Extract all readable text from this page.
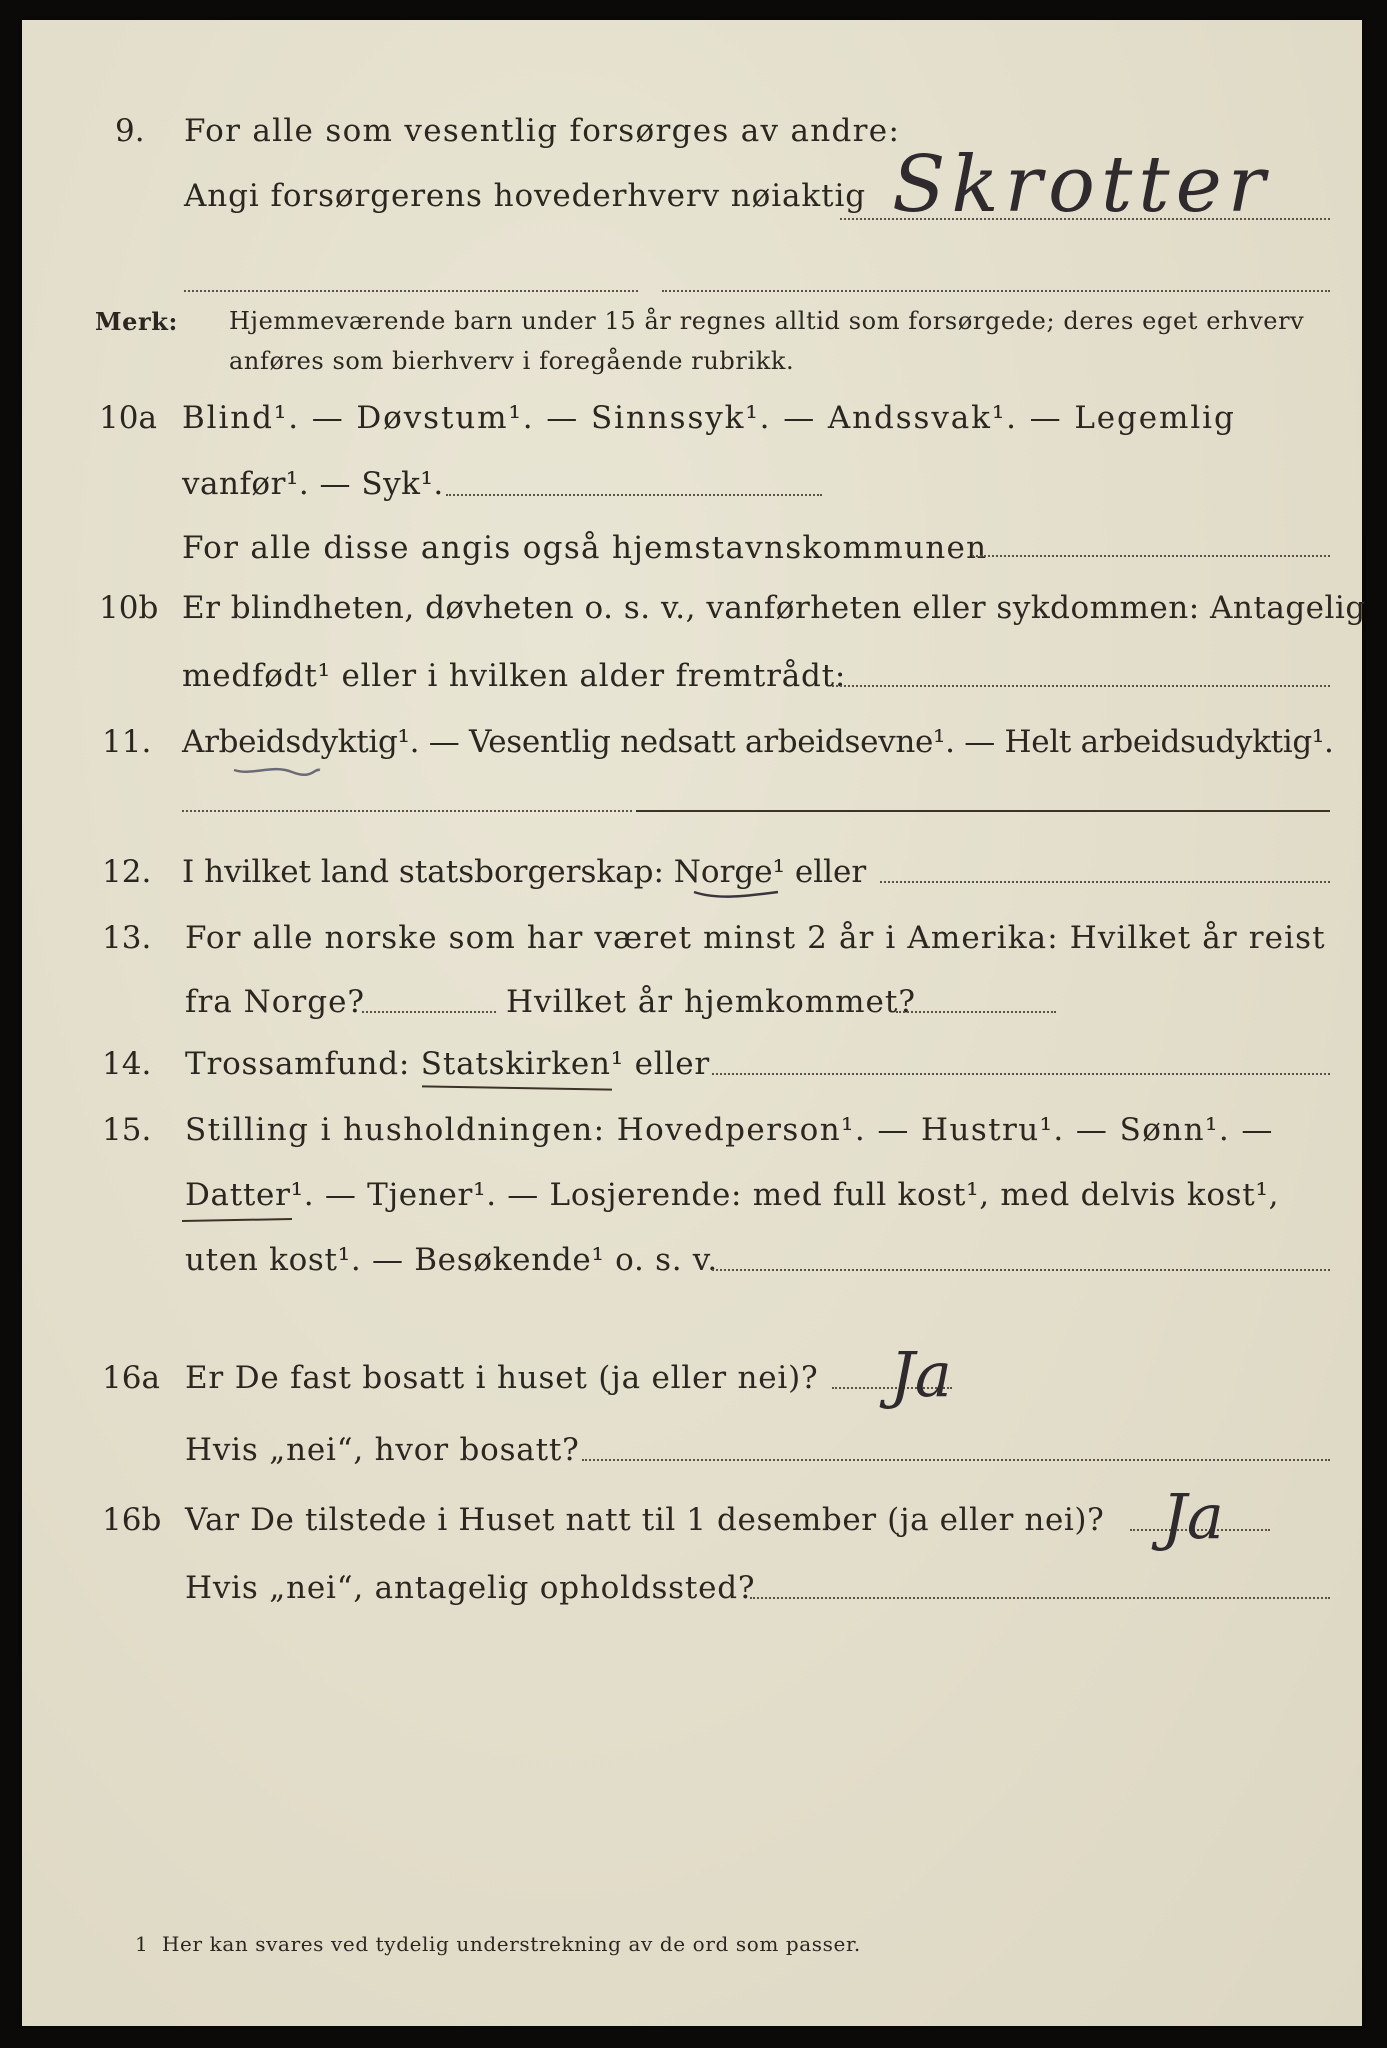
9. For alle som vesentlig forsørges av andre:
Angi forsørgerens hovederhverv nøiaktig Skrotter
Merk: Hjemmeværende barn under 15 år regnes alltid som forsørgede; deres eget erhverv
anføres som bierhverv i foregående rubrikk.
10a Blind¹. — Døvstum¹. — Sinnssyk¹. — Andssvak¹. — Legemlig
vanfør¹. — Syk¹.
For alle disse angis også hjemstavnskommunen
10b Er blindheten, døvheten o. s. v., vanførheten eller sykdommen: Antagelig
medfødt¹ eller i hvilken alder fremtrådt:
11. Arbeidsdyktig¹. — Vesentlig nedsatt arbeidsevne¹. — Helt arbeidsudyktig¹.
12. I hvilket land statsborgerskap: Norge¹ eller
13. For alle norske som har været minst 2 år i Amerika: Hvilket år reist
fra Norge?	Hvilket år hjemkommet?
14. Trossamfund: Statskirken¹ eller
15. Stilling i husholdningen: Hovedperson¹. — Hustru¹. — Sønn¹. —
Datter¹. — Tjener¹. — Losjerende: med full kost¹, med delvis kost¹,
uten kost¹. — Besøkende¹ o. s. v.
16a Er De fast bosatt i huset (ja eller nei)? Ja
Hvis „nei“, hvor bosatt?
16b Var De tilstede i Huset natt til 1 desember (ja eller nei)? Ja
Hvis „nei“, antagelig opholdssted?
1 Her kan svares ved tydelig understrekning av de ord som passer.
